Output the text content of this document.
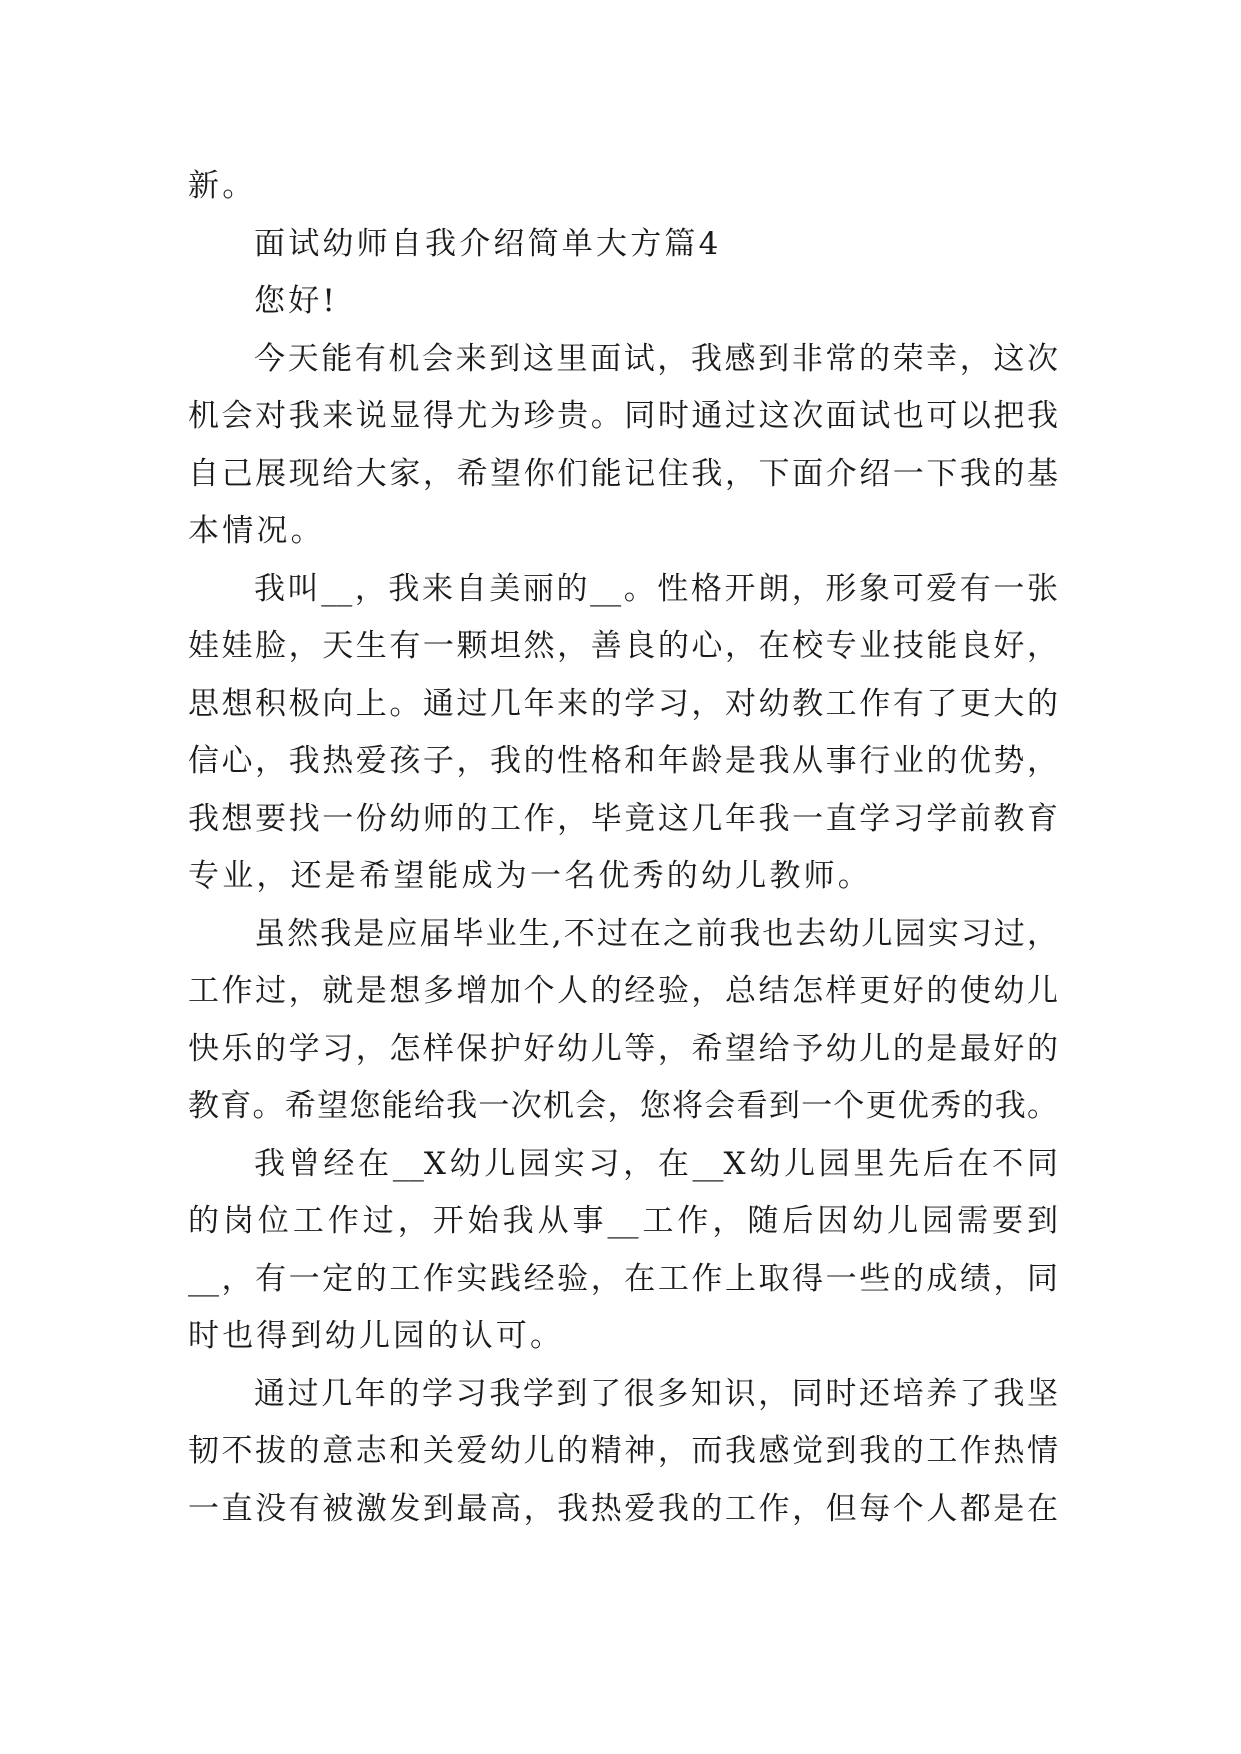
新。
面试幼师自我介绍简单大方篇4
您好!
今天能有机会来到这里面试，我感到非常的荣幸，这次
机会对我来说显得尤为珍贵。同时通过这次面试也可以把我
自己展现给大家，希望你们能记住我，下面介绍一下我的基
本情况。
我叫__，我来自美丽的__。性格开朗，形象可爱有一张
娃娃脸，天生有一颗坦然，善良的心，在校专业技能良好，
思想积极向上。通过几年来的学习，对幼教工作有了更大的
信心，我热爱孩子，我的性格和年龄是我从事行业的优势，
我想要找一份幼师的工作，毕竟这几年我一直学习学前教育
专业，还是希望能成为一名优秀的幼儿教师。
虽然我是应届毕业生,不过在之前我也去幼儿园实习过，
工作过，就是想多增加个人的经验，总结怎样更好的使幼儿
快乐的学习，怎样保护好幼儿等，希望给予幼儿的是最好的
教育。希望您能给我一次机会，您将会看到一个更优秀的我。
我曾经在__X幼儿园实习，在__X幼儿园里先后在不同
的岗位工作过，开始我从事__工作，随后因幼儿园需要到
__，有一定的工作实践经验，在工作上取得一些的成绩，同
时也得到幼儿园的认可。
通过几年的学习我学到了很多知识，同时还培养了我坚
韧不拔的意志和关爱幼儿的精神，而我感觉到我的工作热情
一直没有被激发到最高，我热爱我的工作，但每个人都是在
